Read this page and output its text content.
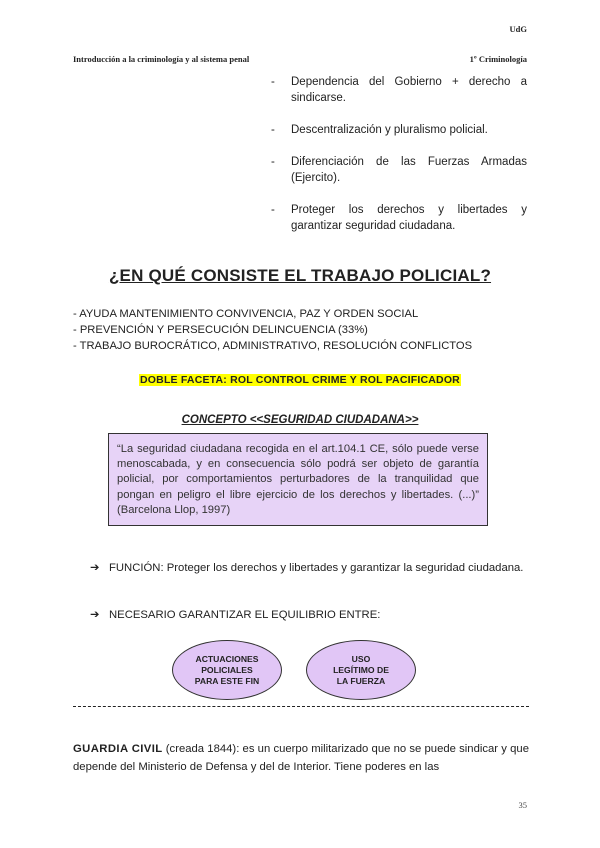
UdG
Introducción a la criminología y al sistema penal	1º Criminología
- Dependencia del Gobierno + derecho a sindicarse.
- Descentralización y pluralismo policial.
- Diferenciación de las Fuerzas Armadas (Ejercito).
- Proteger los derechos y libertades y garantizar seguridad ciudadana.
¿EN QUÉ CONSISTE EL TRABAJO POLICIAL?
- AYUDA MANTENIMIENTO CONVIVENCIA, PAZ Y ORDEN SOCIAL
- PREVENCIÓN Y PERSECUCIÓN DELINCUENCIA (33%)
- TRABAJO BUROCRÁTICO, ADMINISTRATIVO, RESOLUCIÓN CONFLICTOS
DOBLE FACETA: ROL CONTROL CRIME Y ROL PACIFICADOR
CONCEPTO <<SEGURIDAD CIUDADANA>>
“La seguridad ciudadana recogida en el art.104.1 CE, sólo puede verse menoscabada, y en consecuencia sólo podrá ser objeto de garantía policial, por comportamientos perturbadores de la tranquilidad que pongan en peligro el libre ejercicio de los derechos y libertades. (...)” (Barcelona Llop, 1997)
➔ FUNCIÓN: Proteger los derechos y libertades y garantizar la seguridad ciudadana.
➔ NECESARIO GARANTIZAR EL EQUILIBRIO ENTRE:
ACTUACIONES
POLICIALES
PARA ESTE FIN
USO
LEGÍTIMO DE
LA FUERZA
GUARDIA CIVIL (creada 1844): es un cuerpo militarizado que no se puede sindicar y que depende del Ministerio de Defensa y del de Interior. Tiene poderes en las
35
